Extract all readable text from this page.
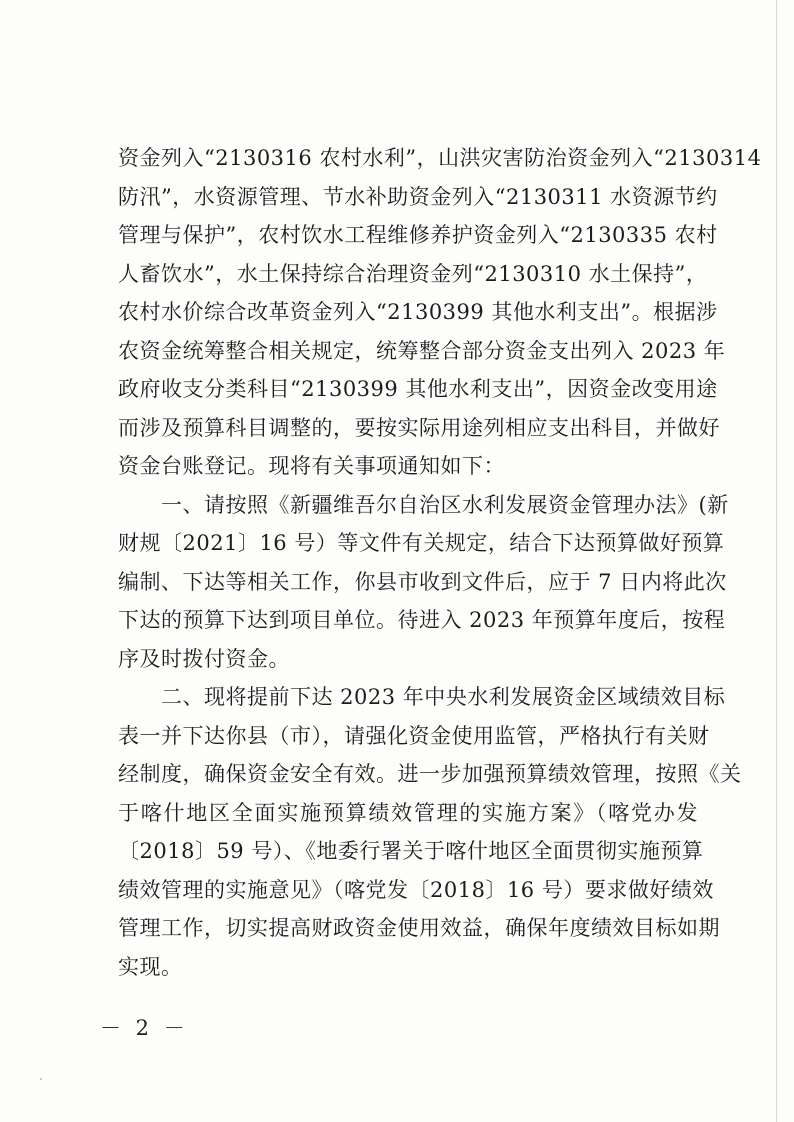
资金列入“2130316 农村水利”，山洪灾害防治资金列入“2130314
防汛”，水资源管理、节水补助资金列入“2130311 水资源节约
管理与保护”，农村饮水工程维修养护资金列入“2130335 农村
人畜饮水”，水土保持综合治理资金列“2130310 水土保持”，
农村水价综合改革资金列入“2130399 其他水利支出”。根据涉
农资金统筹整合相关规定，统筹整合部分资金支出列入 2023 年
政府收支分类科目“2130399 其他水利支出”，因资金改变用途
而涉及预算科目调整的，要按实际用途列相应支出科目，并做好
资金台账登记。现将有关事项通知如下：
　　一、请按照《新疆维吾尔自治区水利发展资金管理办法》(新
财规〔2021〕16 号）等文件有关规定，结合下达预算做好预算
编制、下达等相关工作，你县市收到文件后，应于 7 日内将此次
下达的预算下达到项目单位。待进入 2023 年预算年度后，按程
序及时拨付资金。
　　二、现将提前下达 2023 年中央水利发展资金区域绩效目标
表一并下达你县（市），请强化资金使用监管，严格执行有关财
经制度，确保资金安全有效。进一步加强预算绩效管理，按照《关
于喀什地区全面实施预算绩效管理的实施方案》（喀党办发
〔2018〕59 号）、《地委行署关于喀什地区全面贯彻实施预算
绩效管理的实施意见》（喀党发〔2018〕16 号）要求做好绩效
管理工作，切实提高财政资金使用效益，确保年度绩效目标如期
实现。
－ 2 －
